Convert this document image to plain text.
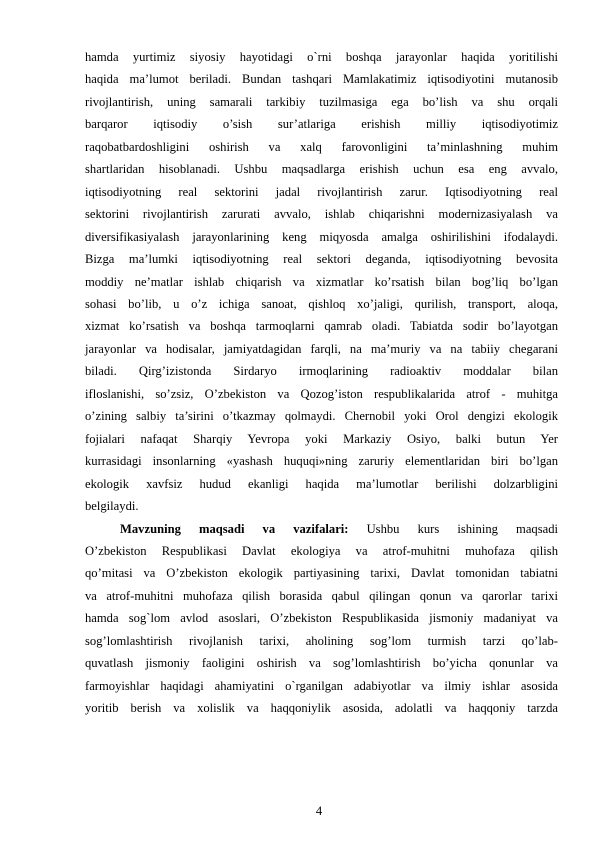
hamda yurtimiz siyosiy hayotidagi o`rni boshqa jarayonlar haqida yoritilishi
haqida ma’lumot beriladi. Bundan tashqari Mamlakatimiz iqtisodiyotini mutanosib
rivojlantirish, uning samarali tarkibiy tuzilmasiga ega bo’lish va shu orqali
barqaror iqtisodiy o’sish sur’atlariga erishish milliy iqtisodiyotimiz
raqobatbardoshligini oshirish va xalq farovonligini ta’minlashning muhim
shartlaridan hisoblanadi. Ushbu maqsadlarga erishish uchun esa eng avvalo,
iqtisodiyotning real sektorini jadal rivojlantirish zarur. Iqtisodiyotning real
sektorini rivojlantirish zarurati avvalo, ishlab chiqarishni modernizasiyalash va
diversifikasiyalash jarayonlarining keng miqyosda amalga oshirilishini ifodalaydi.
Bizga ma’lumki iqtisodiyotning real sektori deganda, iqtisodiyotning bevosita
moddiy ne’matlar ishlab chiqarish va xizmatlar ko’rsatish bilan bog’liq bo’lgan
sohasi bo’lib, u o’z ichiga sanoat, qishloq xo’jaligi, qurilish, transport, aloqa,
xizmat ko’rsatish va boshqa tarmoqlarni qamrab oladi. Tabiatda sodir bo’layotgan
jarayonlar va hodisalar, jamiyatdagidan farqli, na ma’muriy va na tabiiy chegarani
biladi. Qirg’izistonda Sirdaryo irmoqlarining radioaktiv moddalar bilan
ifloslanishi, so’zsiz, O’zbekiston va Qozog’iston respublikalarida atrof - muhitga
o’zining salbiy ta’sirini o’tkazmay qolmaydi. Chernobil yoki Orol dengizi ekologik
fojialari nafaqat Sharqiy Yevropa yoki Markaziy Osiyo, balki butun Yer
kurrasidagi insonlarning «yashash huquqi»ning zaruriy elementlaridan biri bo’lgan
ekologik xavfsiz hudud ekanligi haqida ma’lumotlar berilishi dolzarbligini
belgilaydi.

Mavzuning maqsadi va vazifalari: Ushbu kurs ishining maqsadi
O’zbekiston Respublikasi Davlat ekologiya va atrof-muhitni muhofaza qilish
qo’mitasi va O’zbekiston ekologik partiyasining tarixi, Davlat tomonidan tabiatni
va atrof-muhitni muhofaza qilish borasida qabul qilingan qonun va qarorlar tarixi
hamda sog`lom avlod asoslari, O’zbekiston Respublikasida jismoniy madaniyat va
sog’lomlashtirish rivojlanish tarixi, aholining sog’lom turmish tarzi qo’lab-
quvatlash jismoniy faoligini oshirish va sog’lomlashtirish bo’yicha qonunlar va
farmoyishlar haqidagi ahamiyatini o`rganilgan adabiyotlar va ilmiy ishlar asosida
yoritib berish va xolislik va haqqoniylik asosida, adolatli va haqqoniy tarzda

4
